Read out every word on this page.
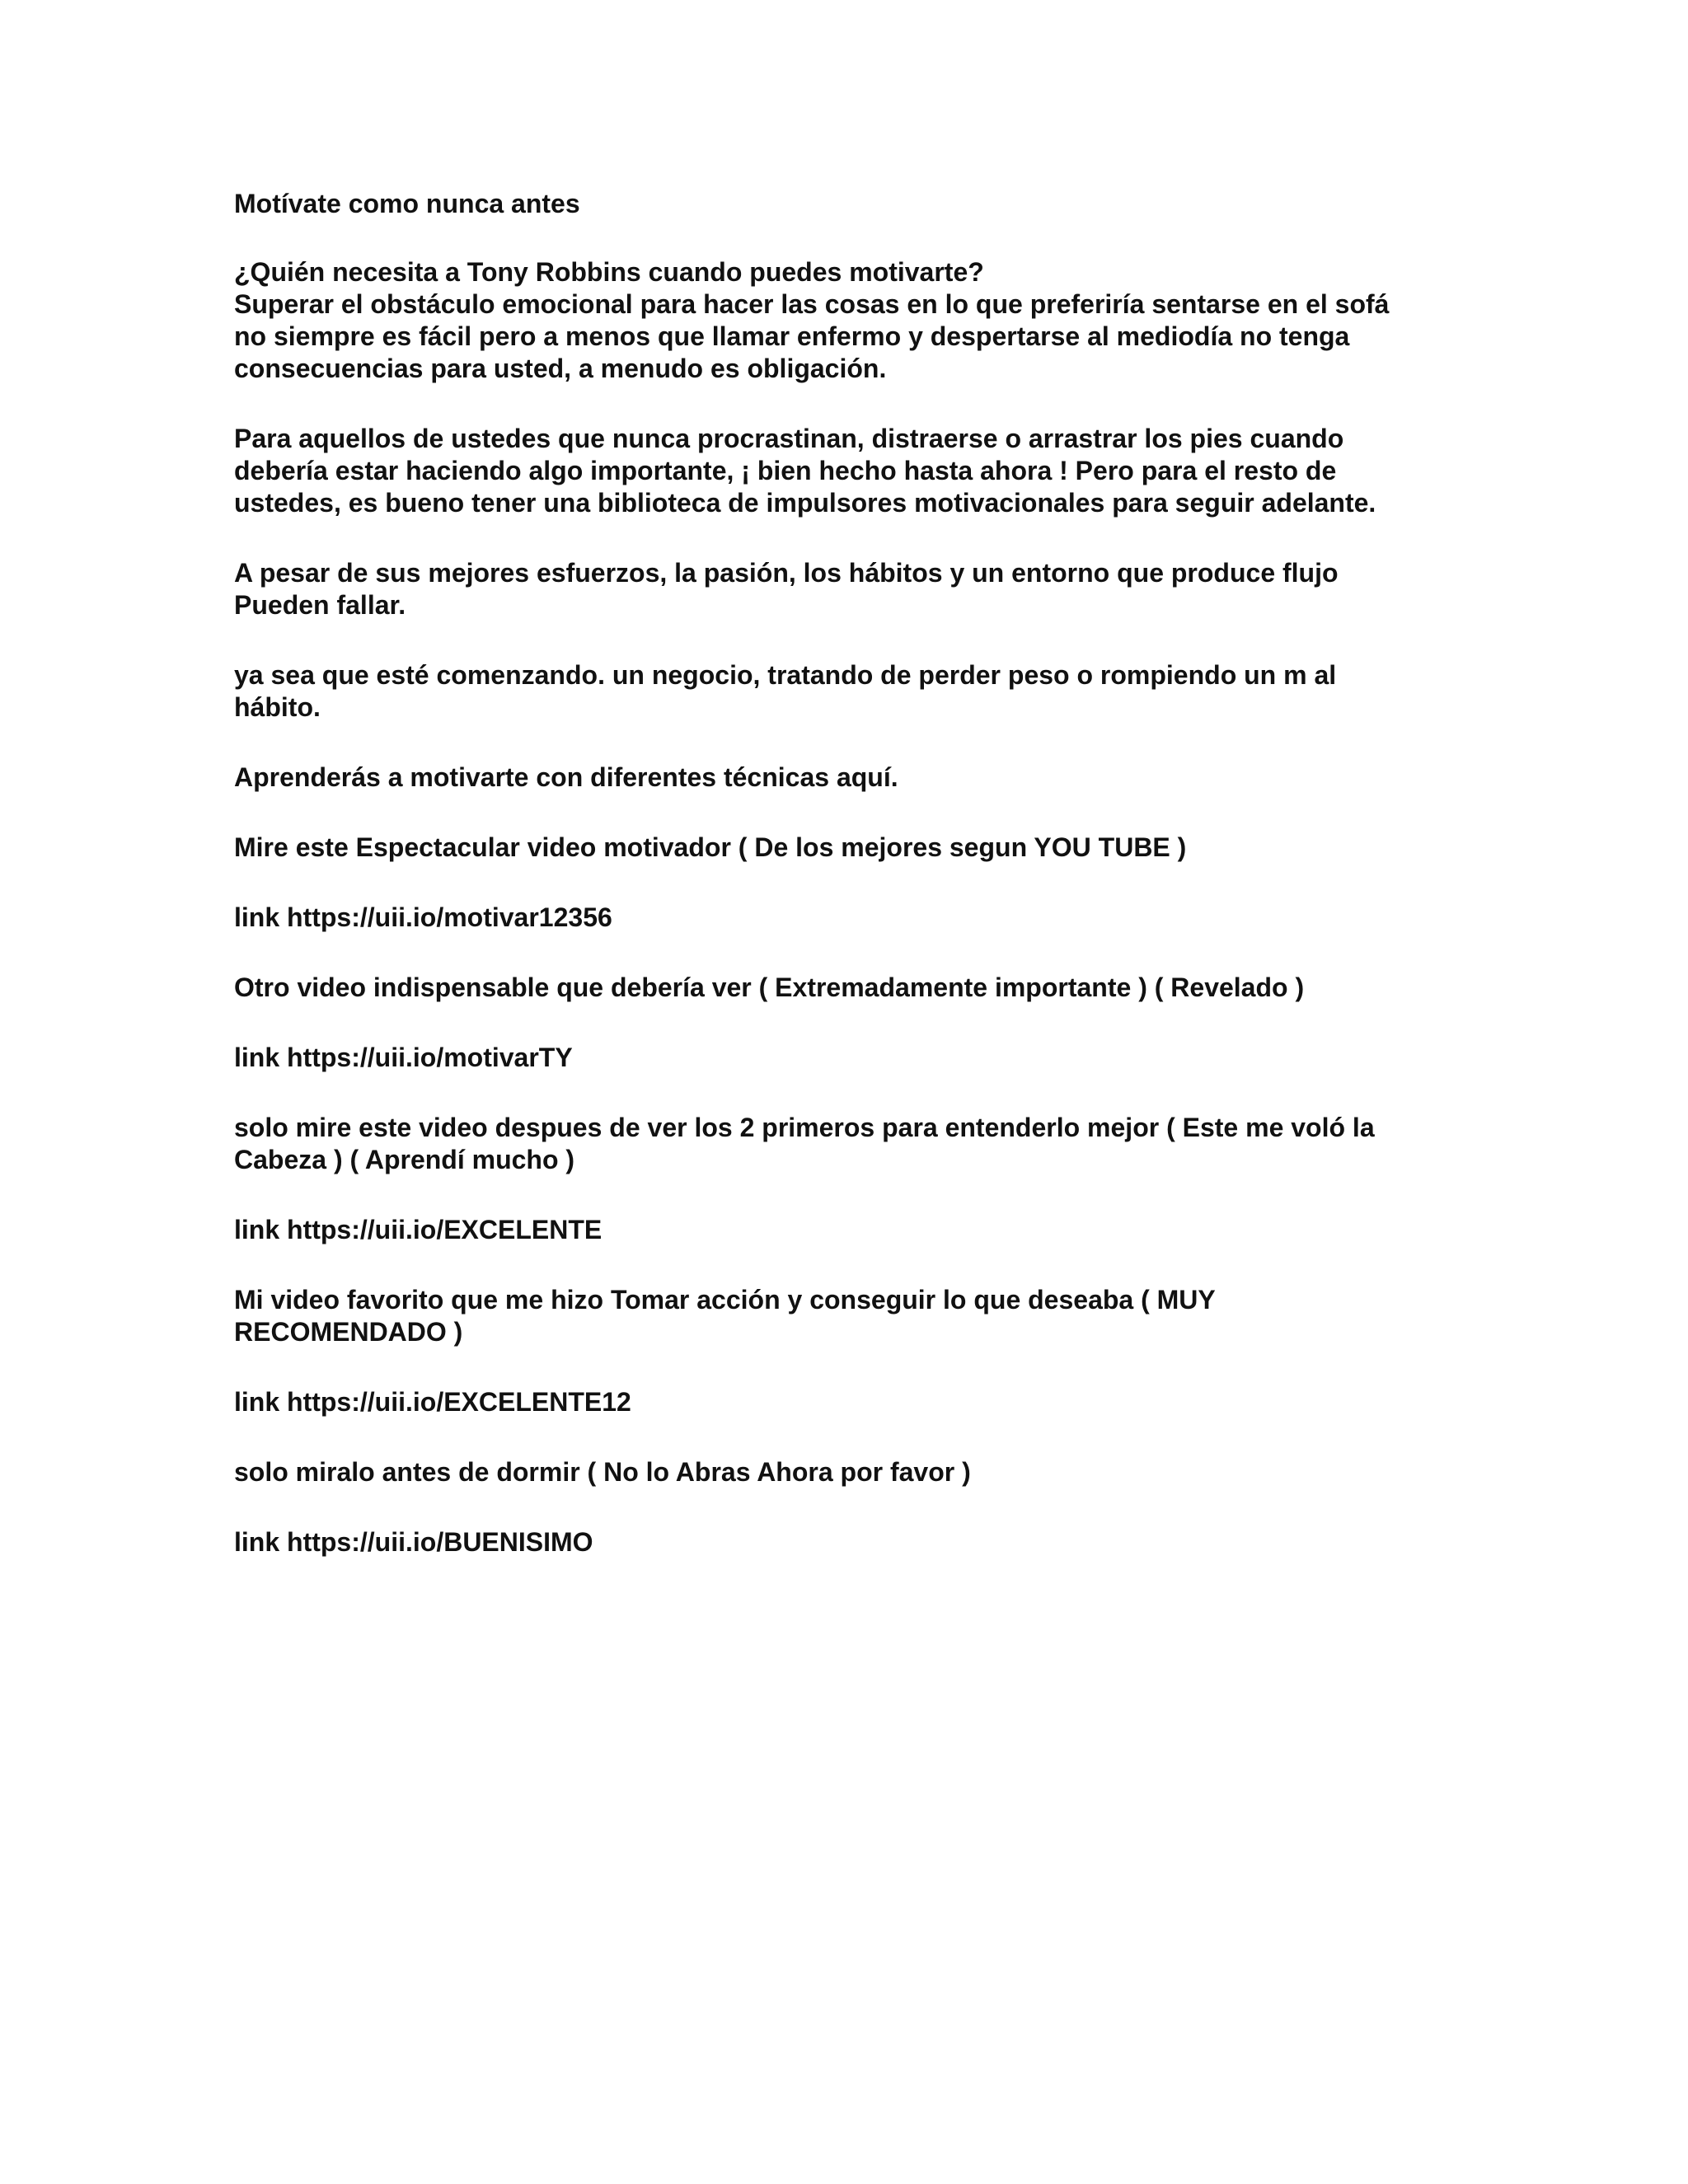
Motívate como nunca antes

¿Quién necesita a Tony Robbins cuando puedes motivarte?
Superar el obstáculo emocional para hacer las cosas en lo que preferiría sentarse en el sofá
no siempre es fácil pero a menos que llamar enfermo y despertarse al mediodía no tenga
consecuencias para usted, a menudo es obligación.

Para aquellos de ustedes que nunca procrastinan, distraerse o arrastrar los pies cuando
debería estar haciendo algo importante, ¡ bien hecho hasta ahora ! Pero para el resto de
ustedes, es bueno tener una biblioteca de impulsores motivacionales para seguir adelante.

A pesar de sus mejores esfuerzos, la pasión, los hábitos y un entorno que produce flujo
Pueden fallar.

ya sea que esté comenzando. un negocio, tratando de perder peso o rompiendo un m al
hábito.

Aprenderás a motivarte con diferentes técnicas aquí.

Mire este Espectacular video motivador ( De los mejores segun YOU TUBE )

link https://uii.io/motivar12356

Otro video indispensable que debería ver ( Extremadamente importante ) ( Revelado )

link https://uii.io/motivarTY

solo mire este video despues de ver los 2 primeros para entenderlo mejor ( Este me voló la
Cabeza ) ( Aprendí mucho )

link https://uii.io/EXCELENTE

Mi video favorito que me hizo Tomar acción y conseguir lo que deseaba ( MUY
RECOMENDADO )

link https://uii.io/EXCELENTE12

solo miralo antes de dormir ( No lo Abras Ahora por favor )

link https://uii.io/BUENISIMO
